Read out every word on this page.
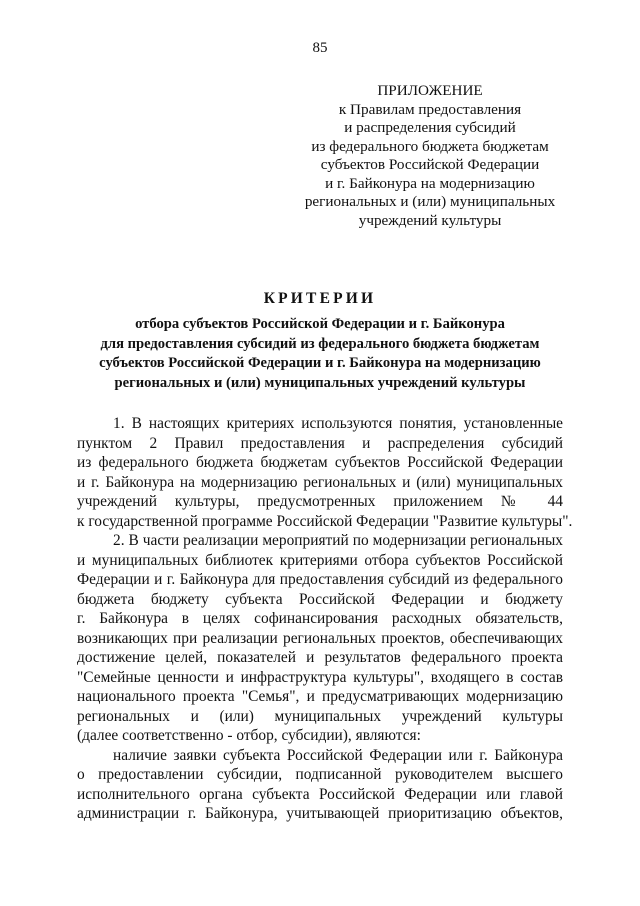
85
ПРИЛОЖЕНИЕ
к Правилам предоставления
и распределения субсидий
из федерального бюджета бюджетам
субъектов Российской Федерации
и г. Байконура на модернизацию
региональных и (или) муниципальных
учреждений культуры
КРИТЕРИИ
отбора субъектов Российской Федерации и г. Байконура
для предоставления субсидий из федерального бюджета бюджетам
субъектов Российской Федерации и г. Байконура на модернизацию
региональных и (или) муниципальных учреждений культуры
1. В настоящих критериях используются понятия, установленные
пунктом 2 Правил предоставления и распределения субсидий
из федерального бюджета бюджетам субъектов Российской Федерации
и г. Байконура на модернизацию региональных и (или) муниципальных
учреждений культуры, предусмотренных приложением № 44
к государственной программе Российской Федерации "Развитие культуры".
2. В части реализации мероприятий по модернизации региональных
и муниципальных библиотек критериями отбора субъектов Российской
Федерации и г. Байконура для предоставления субсидий из федерального
бюджета бюджету субъекта Российской Федерации и бюджету
г. Байконура в целях софинансирования расходных обязательств,
возникающих при реализации региональных проектов, обеспечивающих
достижение целей, показателей и результатов федерального проекта
"Семейные ценности и инфраструктура культуры", входящего в состав
национального проекта "Семья", и предусматривающих модернизацию
региональных и (или) муниципальных учреждений культуры
(далее соответственно - отбор, субсидии), являются:
наличие заявки субъекта Российской Федерации или г. Байконура
о предоставлении субсидии, подписанной руководителем высшего
исполнительного органа субъекта Российской Федерации или главой
администрации г. Байконура, учитывающей приоритизацию объектов,
